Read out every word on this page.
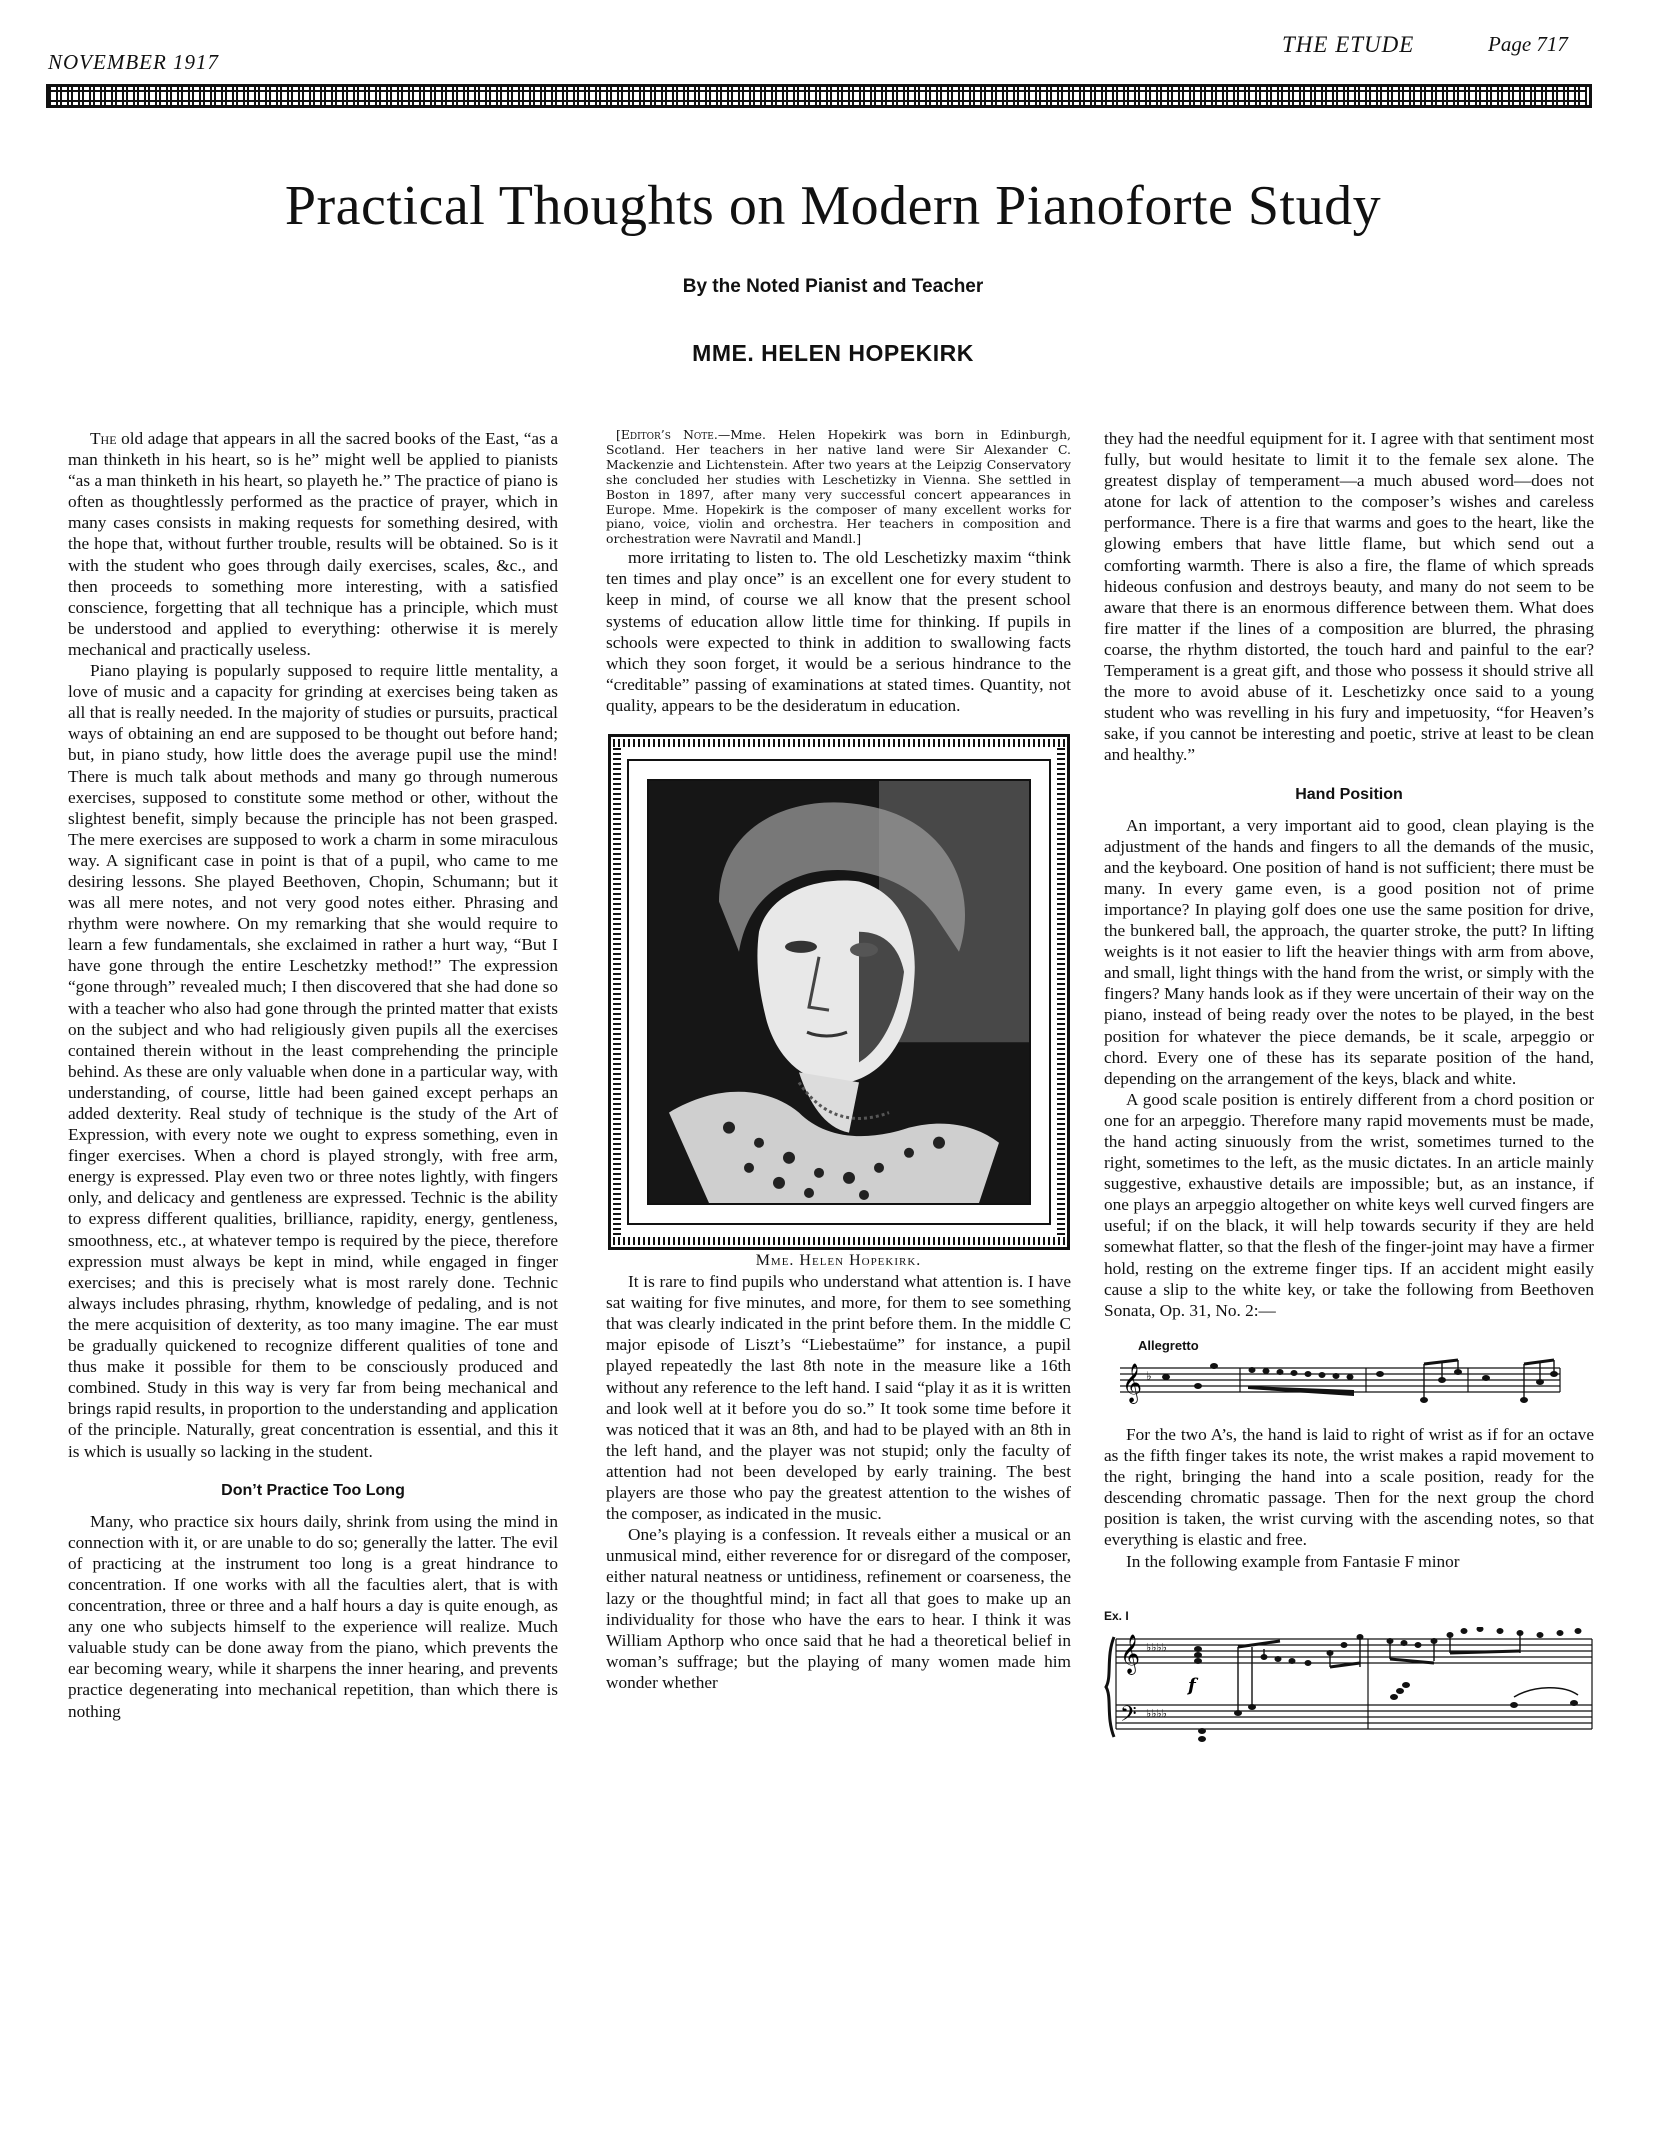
NOVEMBER 1917
THE ETUDE	Page 717
Practical Thoughts on Modern Pianoforte Study
By the Noted Pianist and Teacher
MME. HELEN HOPEKIRK

The old adage that appears in all the sacred books of the East, “as a man thinketh in his heart, so is he” might well be applied to pianists “as a man thinketh in his heart, so playeth he.” The practice of piano is often as thoughtlessly performed as the practice of prayer, which in many cases consists in making requests for something desired, with the hope that, without further trouble, results will be obtained. So is it with the student who goes through daily exercises, scales, &c., and then proceeds to something more interesting, with a satisfied conscience, forgetting that all technique has a principle, which must be understood and applied to everything: otherwise it is merely mechanical and practically useless.

Piano playing is popularly supposed to require little mentality, a love of music and a capacity for grinding at exercises being taken as all that is really needed. In the majority of studies or pursuits, practical ways of obtaining an end are supposed to be thought out before hand; but, in piano study, how little does the average pupil use the mind! There is much talk about methods and many go through numerous exercises, supposed to constitute some method or other, without the slightest benefit, simply because the principle has not been grasped. The mere exercises are supposed to work a charm in some miraculous way. A significant case in point is that of a pupil, who came to me desiring lessons. She played Beethoven, Chopin, Schumann; but it was all mere notes, and not very good notes either. Phrasing and rhythm were nowhere. On my remarking that she would require to learn a few fundamentals, she exclaimed in rather a hurt way, “But I have gone through the entire Leschetzky method!” The expression “gone through” revealed much; I then discovered that she had done so with a teacher who also had gone through the printed matter that exists on the subject and who had religiously given pupils all the exercises contained therein without in the least comprehending the principle behind. As these are only valuable when done in a particular way, with understanding, of course, little had been gained except perhaps an added dexterity. Real study of technique is the study of the Art of Expression, with every note we ought to express something, even in finger exercises. When a chord is played strongly, with free arm, energy is expressed. Play even two or three notes lightly, with fingers only, and delicacy and gentleness are expressed. Technic is the ability to express different qualities, brilliance, rapidity, energy, gentleness, smoothness, etc., at whatever tempo is required by the piece, therefore expression must always be kept in mind, while engaged in finger exercises; and this is precisely what is most rarely done. Technic always includes phrasing, rhythm, knowledge of pedaling, and is not the mere acquisition of dexterity, as too many imagine. The ear must be gradually quickened to recognize different qualities of tone and thus make it possible for them to be consciously produced and combined. Study in this way is very far from being mechanical and brings rapid results, in proportion to the understanding and application of the principle. Naturally, great concentration is essential, and this it is which is usually so lacking in the student.

Don’t Practice Too Long

Many, who practice six hours daily, shrink from using the mind in connection with it, or are unable to do so; generally the latter. The evil of practicing at the instrument too long is a great hindrance to concentration. If one works with all the faculties alert, that is with concentration, three or three and a half hours a day is quite enough, as any one who subjects himself to the experience will realize. Much valuable study can be done away from the piano, which prevents the ear becoming weary, while it sharpens the inner hearing, and prevents practice degenerating into mechanical repetition, than which there is nothing

[Editor’s Note.—Mme. Helen Hopekirk was born in Edinburgh, Scotland. Her teachers in her native land were Sir Alexander C. Mackenzie and Lichtenstein. After two years at the Leipzig Conservatory she concluded her studies with Leschetizky in Vienna. She settled in Boston in 1897, after many very successful concert appearances in Europe. Mme. Hopekirk is the composer of many excellent works for piano, voice, violin and orchestra. Her teachers in composition and orchestration were Navratil and Mandl.]

more irritating to listen to. The old Leschetizky maxim “think ten times and play once” is an excellent one for every student to keep in mind, of course we all know that the present school systems of education allow little time for thinking. If pupils in schools were expected to think in addition to swallowing facts which they soon forget, it would be a serious hindrance to the “creditable” passing of examinations at stated times. Quantity, not quality, appears to be the desideratum in education.

Mme. Helen Hopekirk.

It is rare to find pupils who understand what attention is. I have sat waiting for five minutes, and more, for them to see something that was clearly indicated in the print before them. In the middle C major episode of Liszt’s “Liebestaüme” for instance, a pupil played repeatedly the last 8th note in the measure like a 16th without any reference to the left hand. I said “play it as it is written and look well at it before you do so.” It took some time before it was noticed that it was an 8th, and had to be played with an 8th in the left hand, and the player was not stupid; only the faculty of attention had not been developed by early training. The best players are those who pay the greatest attention to the wishes of the composer, as indicated in the music.

One’s playing is a confession. It reveals either a musical or an unmusical mind, either reverence for or disregard of the composer, either natural neatness or untidiness, refinement or coarseness, the lazy or the thoughtful mind; in fact all that goes to make up an individuality for those who have the ears to hear. I think it was William Apthorp who once said that he had a theoretical belief in woman’s suffrage; but the playing of many women made him wonder whether

they had the needful equipment for it. I agree with that sentiment most fully, but would hesitate to limit it to the female sex alone. The greatest display of temperament—a much abused word—does not atone for lack of attention to the composer’s wishes and careless performance. There is a fire that warms and goes to the heart, like the glowing embers that have little flame, but which send out a comforting warmth. There is also a fire, the flame of which spreads hideous confusion and destroys beauty, and many do not seem to be aware that there is an enormous difference between them. What does fire matter if the lines of a composition are blurred, the phrasing coarse, the rhythm distorted, the touch hard and painful to the ear? Temperament is a great gift, and those who possess it should strive all the more to avoid abuse of it. Leschetizky once said to a young student who was revelling in his fury and impetuosity, “for Heaven’s sake, if you cannot be interesting and poetic, strive at least to be clean and healthy.”

Hand Position

An important, a very important aid to good, clean playing is the adjustment of the hands and fingers to all the demands of the music, and the keyboard. One position of hand is not sufficient; there must be many. In every game even, is a good position not of prime importance? In playing golf does one use the same position for drive, the bunkered ball, the approach, the quarter stroke, the putt? In lifting weights is it not easier to lift the heavier things with arm from above, and small, light things with the hand from the wrist, or simply with the fingers? Many hands look as if they were uncertain of their way on the piano, instead of being ready over the notes to be played, in the best position for whatever the piece demands, be it scale, arpeggio or chord. Every one of these has its separate position of the hand, depending on the arrangement of the keys, black and white.

A good scale position is entirely different from a chord position or one for an arpeggio. Therefore many rapid movements must be made, the hand acting sinuously from the wrist, sometimes turned to the right, sometimes to the left, as the music dictates. In an article mainly suggestive, exhaustive details are impossible; but, as an instance, if one plays an arpeggio altogether on white keys well curved fingers are useful; if on the black, it will help towards security if they are held somewhat flatter, so that the flesh of the finger-joint may have a firmer hold, resting on the extreme finger tips. If an accident might easily cause a slip to the white key, or take the following from Beethoven Sonata, Op. 31, No. 2:—

Allegretto
𝄞 ♭

For the two A’s, the hand is laid to right of wrist as if for an octave as the fifth finger takes its note, the wrist makes a rapid movement to the right, bringing the hand into a scale position, ready for the descending chromatic passage. Then for the next group the chord position is taken, the wrist curving with the ascending notes, so that everything is elastic and free.

In the following example from Fantasie F minor

Ex. I
𝄞
𝄢
♭♭♭♭
♭♭♭♭
f
